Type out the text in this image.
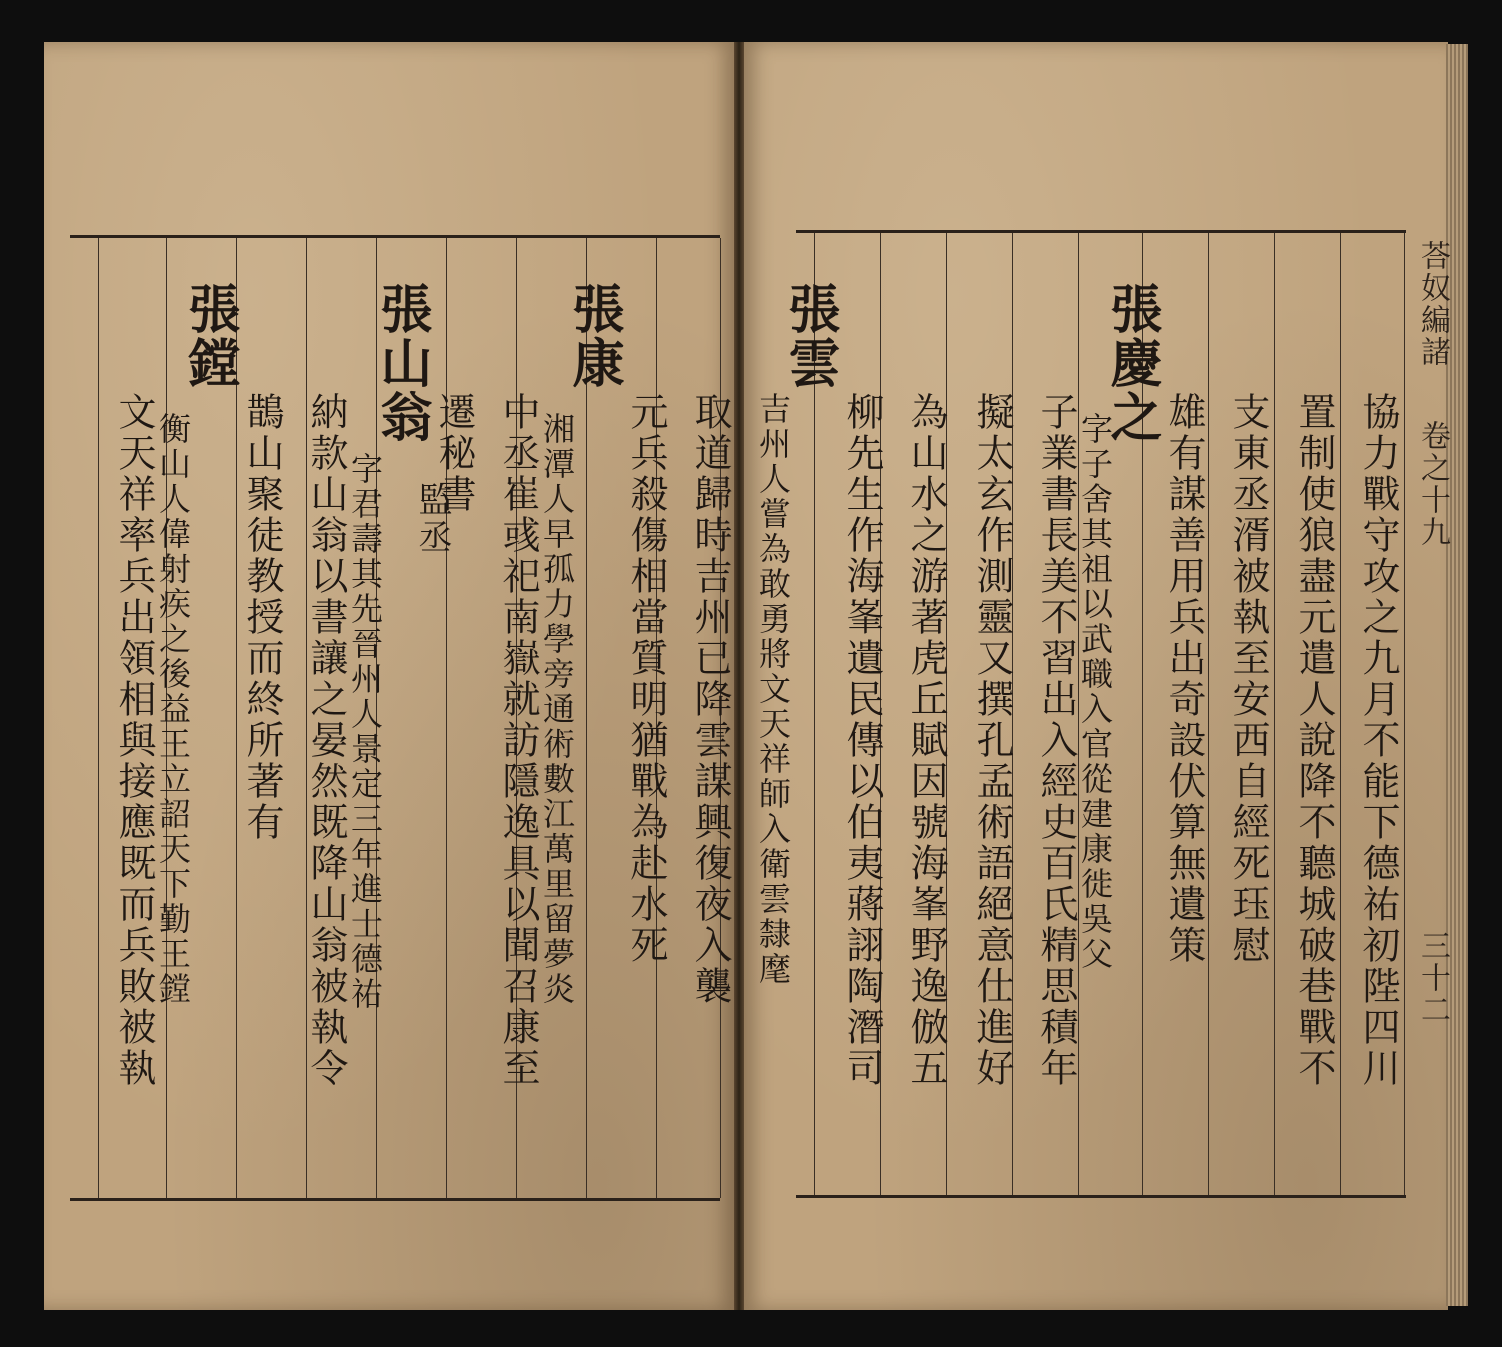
荅奴編諸
卷之十九
三十二
協力戰守攻之九月不能下德祐初陛四川
置制使狼盡元遣人說降不聽城破巷戰不
支東丞湑被執至安西自經死珏慰
雄有謀善用兵出奇設伏算無遺策
張慶之
字子舍其祖以武職入官從建康徙吳父
子業書長美不習出入經史百氏精思積年
擬太玄作測靈又撰孔孟術語絕意仕進好
為山水之游著虎丘賦因號海峯野逸倣五
柳先生作海峯遺民傳以伯夷蔣詡陶潛司
張雲
吉州人嘗為敢勇將文天祥師入衛雲隸麾
取道歸時吉州已降雲謀興復夜入襲
元兵殺傷相當質明猶戰為赴水死
張康
湘潭人早孤力學旁通術數江萬里留夢炎
中丞崔彧祀南嶽就訪隱逸具以聞召康至
遷秘書
監丞
張山翁
字君壽其先晉州人景定三年進士德祐
納款山翁以書讓之晏然既降山翁被執令
鵲山聚徒教授而終所著有
張鏜
衡山人偉射疾之後益王立詔天下勤王鏜
文天祥率兵出領相與接應既而兵敗被執
